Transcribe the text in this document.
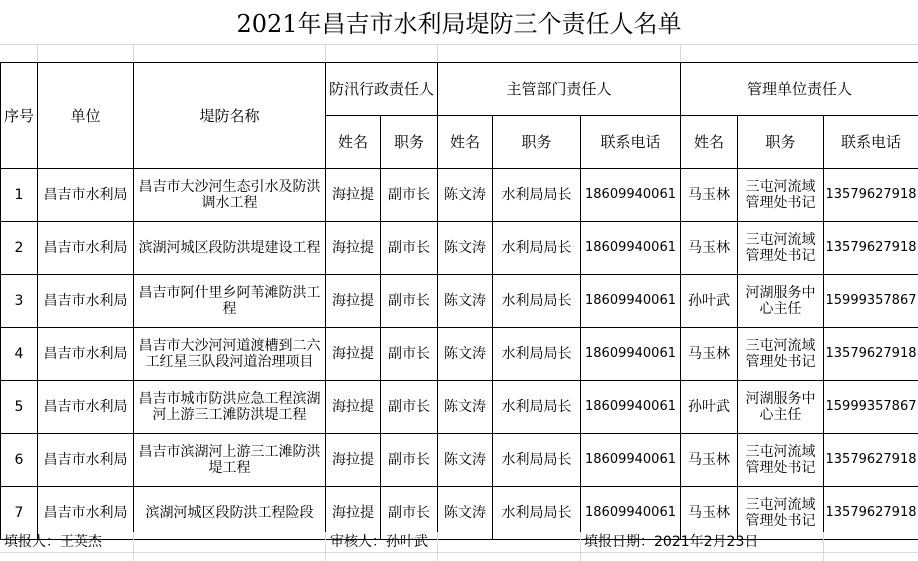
2021年昌吉市水利局堤防三个责任人名单
序号	单位	堤防名称	防汛行政责任人		主管部门责任人			管理单位责任人		
			姓名	职务	姓名	职务	联系电话	姓名	职务	联系电话
1	昌吉市水利局	昌吉市大沙河生态引水及防洪调水工程	海拉提	副市长	陈文涛	水利局局长	18609940061	马玉林	三屯河流域管理处书记	13579627918
2	昌吉市水利局	滨湖河城区段防洪堤建设工程	海拉提	副市长	陈文涛	水利局局长	18609940061	马玉林	三屯河流域管理处书记	13579627918
3	昌吉市水利局	昌吉市阿什里乡阿苇滩防洪工程	海拉提	副市长	陈文涛	水利局局长	18609940061	孙叶武	河湖服务中心主任	15999357867
4	昌吉市水利局	昌吉市大沙河河道渡槽到二六工红星三队段河道治理项目	海拉提	副市长	陈文涛	水利局局长	18609940061	马玉林	三屯河流域管理处书记	13579627918
5	昌吉市水利局	昌吉市城市防洪应急工程滨湖河上游三工滩防洪堤工程	海拉提	副市长	陈文涛	水利局局长	18609940061	孙叶武	河湖服务中心主任	15999357867
6	昌吉市水利局	昌吉市滨湖河上游三工滩防洪堤工程	海拉提	副市长	陈文涛	水利局局长	18609940061	马玉林	三屯河流域管理处书记	13579627918
7	昌吉市水利局	滨湖河城区段防洪工程险段	海拉提	副市长	陈文涛	水利局局长	18609940061	马玉林	三屯河流域管理处书记	13579627918
填报人：王英杰	审核人：孙叶武	填报日期：2021年2月23日
